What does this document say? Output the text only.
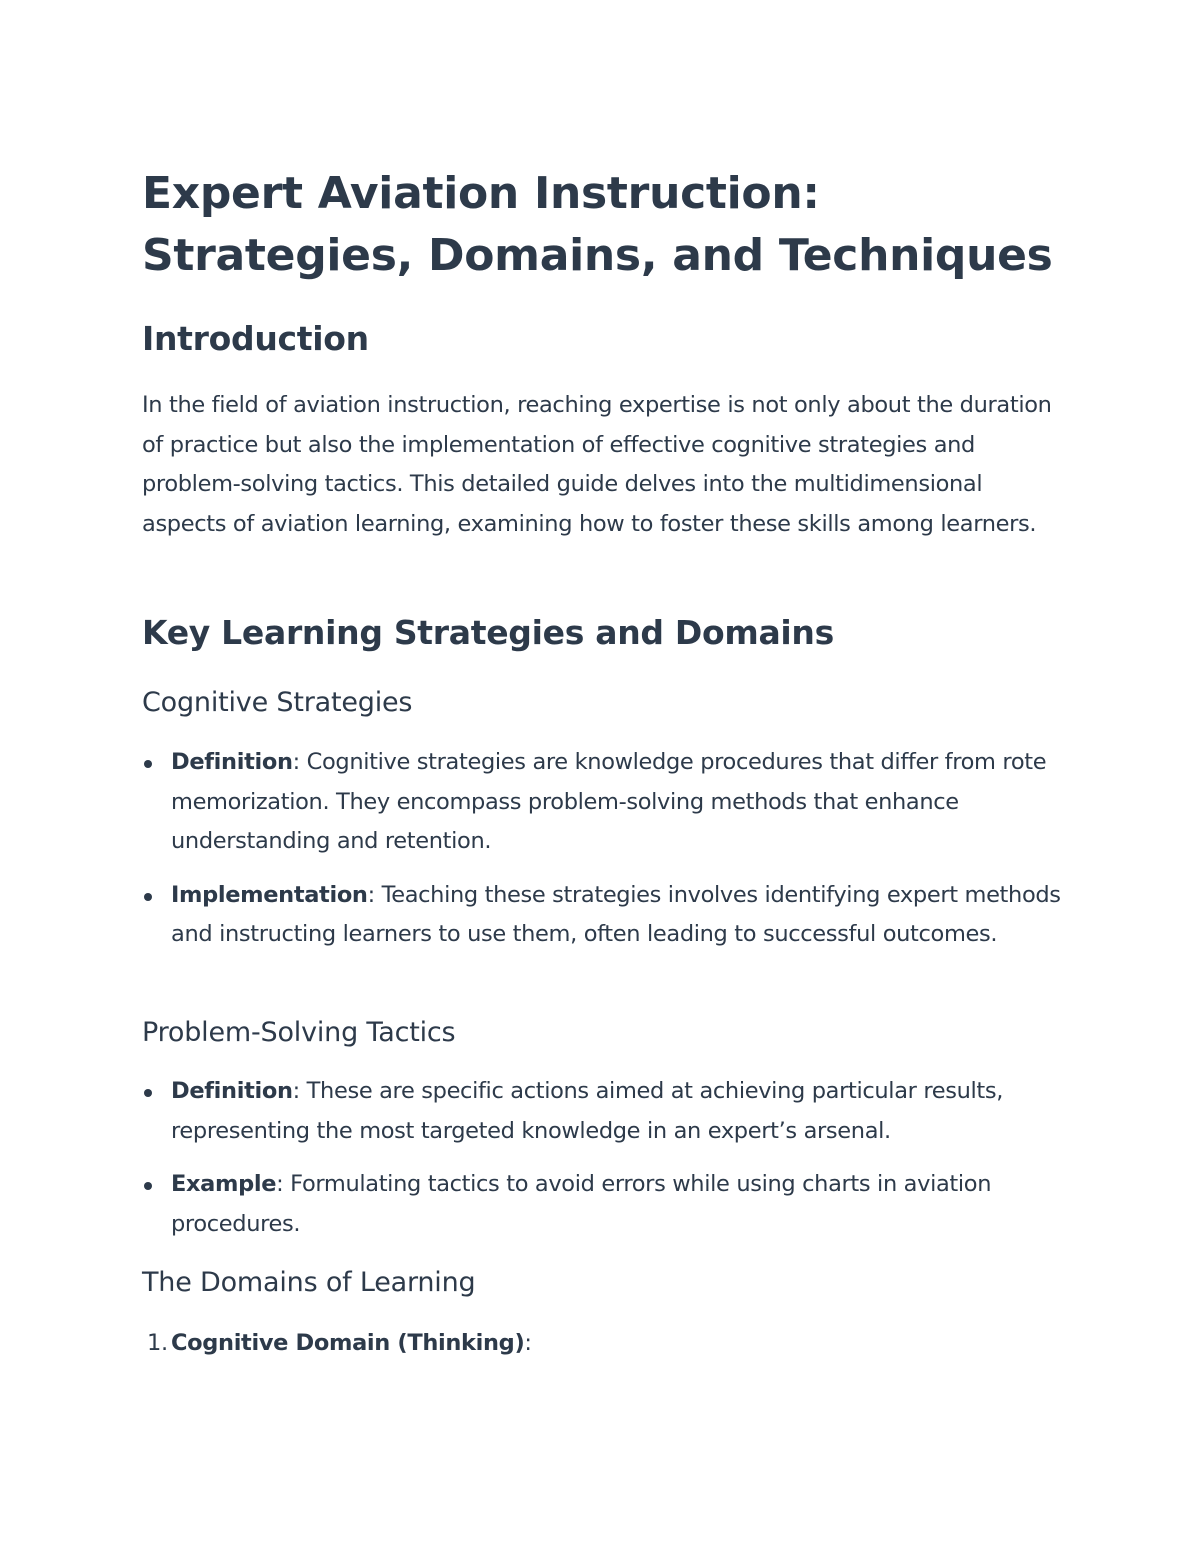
Expert Aviation Instruction: Strategies, Domains, and Techniques
Introduction

In the field of aviation instruction, reaching expertise is not only about the duration of practice but also the implementation of effective cognitive strategies and problem-solving tactics. This detailed guide delves into the multidimensional aspects of aviation learning, examining how to foster these skills among learners.

Key Learning Strategies and Domains
Cognitive Strategies
Definition: Cognitive strategies are knowledge procedures that differ from rote memorization. They encompass problem-solving methods that enhance understanding and retention.
Implementation: Teaching these strategies involves identifying expert methods and instructing learners to use them, often leading to successful outcomes.
Problem-Solving Tactics
Definition: These are specific actions aimed at achieving particular results, representing the most targeted knowledge in an expert’s arsenal.
Example: Formulating tactics to avoid errors while using charts in aviation procedures.
The Domains of Learning
1. Cognitive Domain (Thinking):
